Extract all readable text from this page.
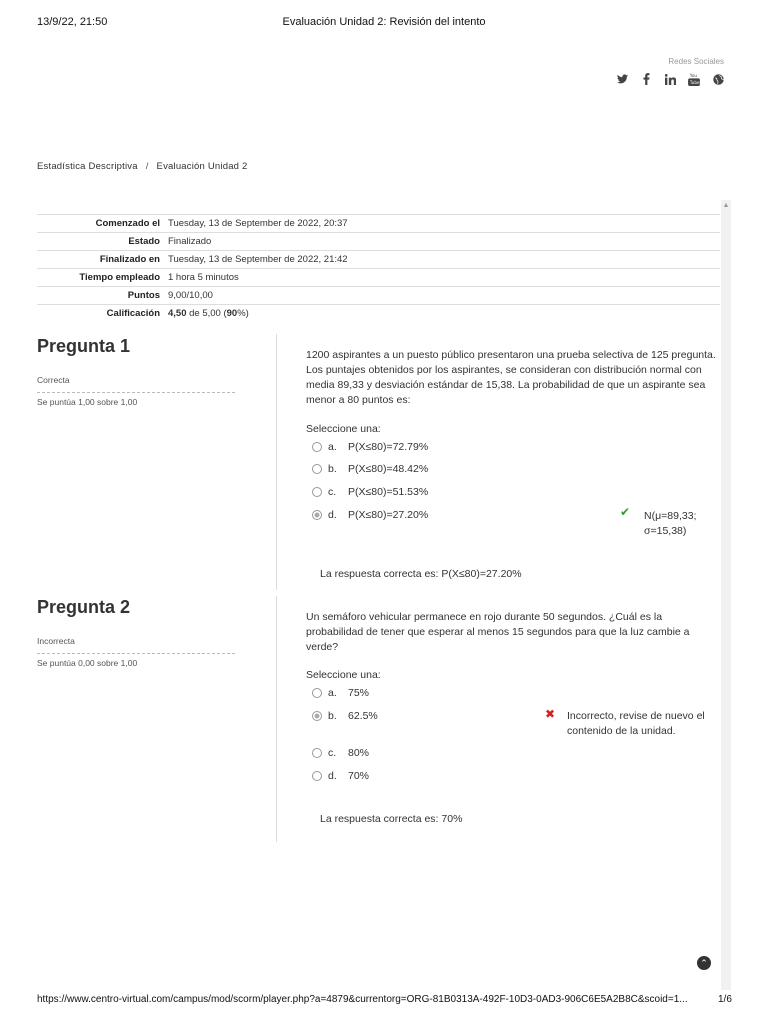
13/9/22, 21:50	Evaluación Unidad 2: Revisión del intento
Redes Sociales
You
Tube
Estadística Descriptiva / Evaluación Unidad 2
▲
Comenzado el	Tuesday, 13 de September de 2022, 20:37
Estado	Finalizado
Finalizado en	Tuesday, 13 de September de 2022, 21:42
Tiempo empleado	1 hora 5 minutos
Puntos	9,00/10,00
Calificación	4,50 de 5,00 (90%)
Pregunta 1
Correcta
Se puntúa 1,00 sobre 1,00
1200 aspirantes a un puesto público presentaron una prueba selectiva de 125 pregunta. Los puntajes obtenidos por los aspirantes, se consideran con distribución normal con media 89,33 y desviación estándar de 15,38. La probabilidad de que un aspirante sea menor a 80 puntos es:
Seleccione una:
a.	P(X≤80)=72.79%
b.	P(X≤80)=48.42%
c.	P(X≤80)=51.53%
d.	P(X≤80)=27.20%	✔ N(μ=89,33; σ=15,38)
La respuesta correcta es: P(X≤80)=27.20%
Pregunta 2
Incorrecta
Se puntúa 0,00 sobre 1,00
Un semáforo vehicular permanece en rojo durante 50 segundos. ¿Cuál es la probabilidad de tener que esperar al menos 15 segundos para que la luz cambie a verde?
Seleccione una:
a.	75%
b.	62.5%	✖ Incorrecto, revise de nuevo el contenido de la unidad.
c.	80%
d.	70%
La respuesta correcta es: 70%
⌃
https://www.centro-virtual.com/campus/mod/scorm/player.php?a=4879&currentorg=ORG-81B0313A-492F-10D3-0AD3-906C6E5A2B8C&scoid=1...	1/6
